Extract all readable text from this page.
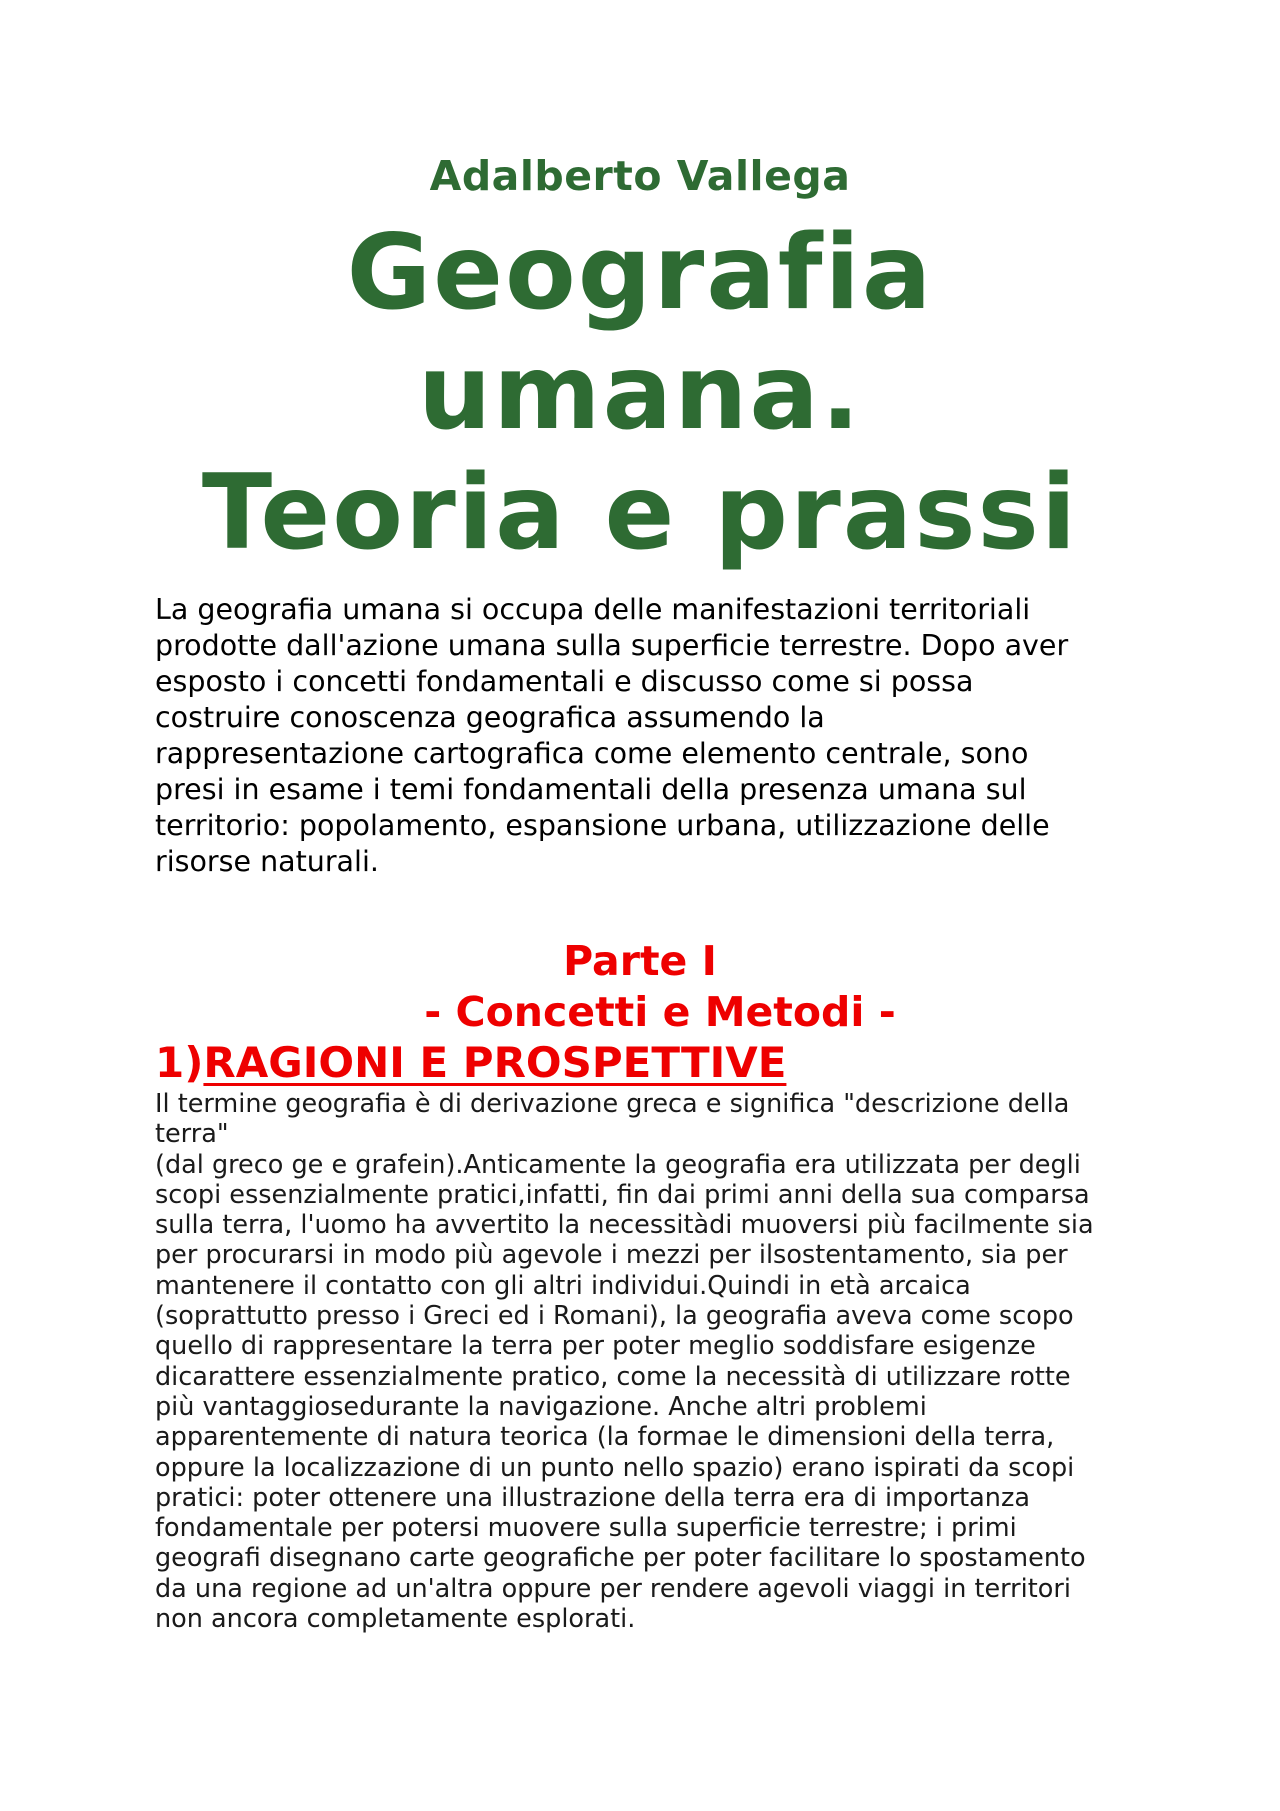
Adalberto Vallega
Geografia
umana.
Teoria e prassi
La geografia umana si occupa delle manifestazioni territoriali
prodotte dall'azione umana sulla superficie terrestre. Dopo aver
esposto i concetti fondamentali e discusso come si possa
costruire conoscenza geografica assumendo la
rappresentazione cartografica come elemento centrale, sono
presi in esame i temi fondamentali della presenza umana sul
territorio: popolamento, espansione urbana, utilizzazione delle
risorse naturali.
Parte I
- Concetti e Metodi -
1)RAGIONI E PROSPETTIVE
Il termine geografia è di derivazione greca e significa "descrizione della
terra"
(dal greco ge e grafein).Anticamente la geografia era utilizzata per degli
scopi essenzialmente pratici,infatti, fin dai primi anni della sua comparsa
sulla terra, l'uomo ha avvertito la necessitàdi muoversi più facilmente sia
per procurarsi in modo più agevole i mezzi per ilsostentamento, sia per
mantenere il contatto con gli altri individui.Quindi in età arcaica
(soprattutto presso i Greci ed i Romani), la geografia aveva come scopo
quello di rappresentare la terra per poter meglio soddisfare esigenze
dicarattere essenzialmente pratico, come la necessità di utilizzare rotte
più vantaggiosedurante la navigazione. Anche altri problemi
apparentemente di natura teorica (la formae le dimensioni della terra,
oppure la localizzazione di un punto nello spazio) erano ispirati da scopi
pratici: poter ottenere una illustrazione della terra era di importanza
fondamentale per potersi muovere sulla superficie terrestre; i primi
geografi disegnano carte geografiche per poter facilitare lo spostamento
da una regione ad un'altra oppure per rendere agevoli viaggi in territori
non ancora completamente esplorati.
